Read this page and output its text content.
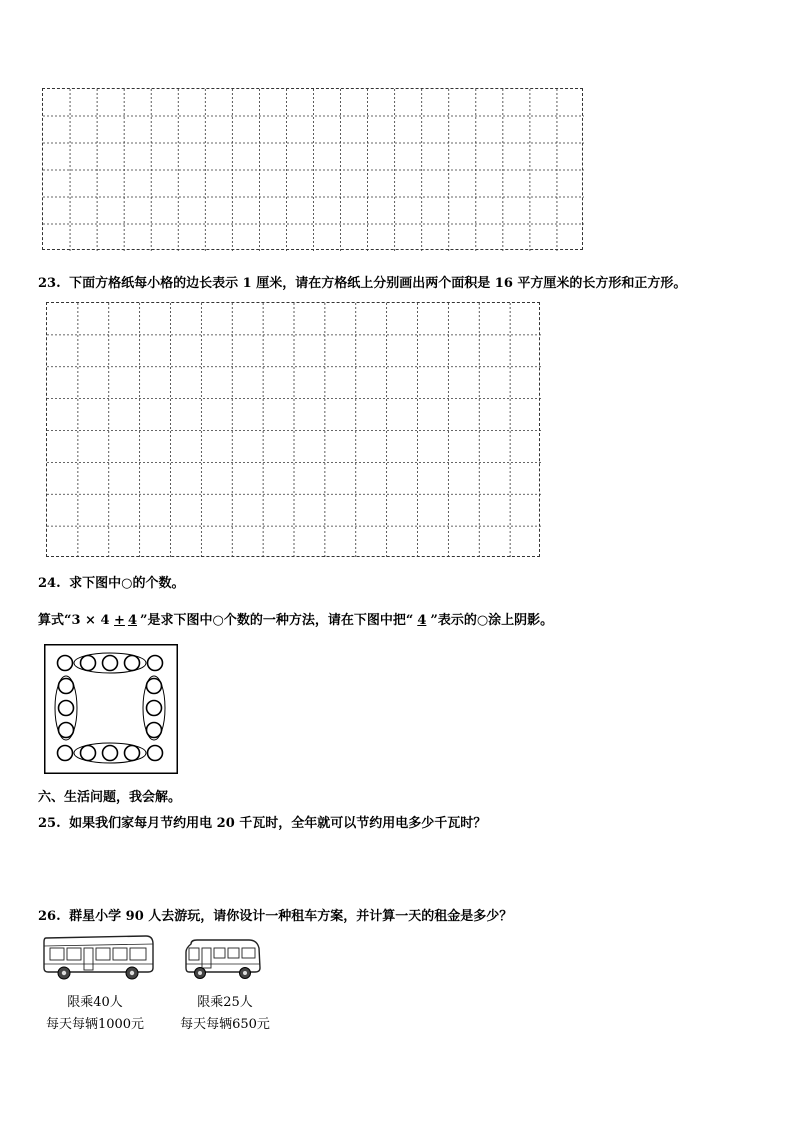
23. 下面方格纸每小格的边长表示 1 厘米，请在方格纸上分别画出两个面积是 16 平方厘米的长方形和正方形。
24. 求下图中○的个数。
算式“3 × 4 + 4 ”是求下图中○个数的一种方法，请在下图中把“ 4 ”表示的○涂上阴影。
六、生活问题，我会解。
25. 如果我们家每月节约用电 20 千瓦时，全年就可以节约用电多少千瓦时？
26. 群星小学 90 人去游玩，请你设计一种租车方案，并计算一天的租金是多少？
限乘40人
每天每辆1000元
限乘25人
每天每辆650元
